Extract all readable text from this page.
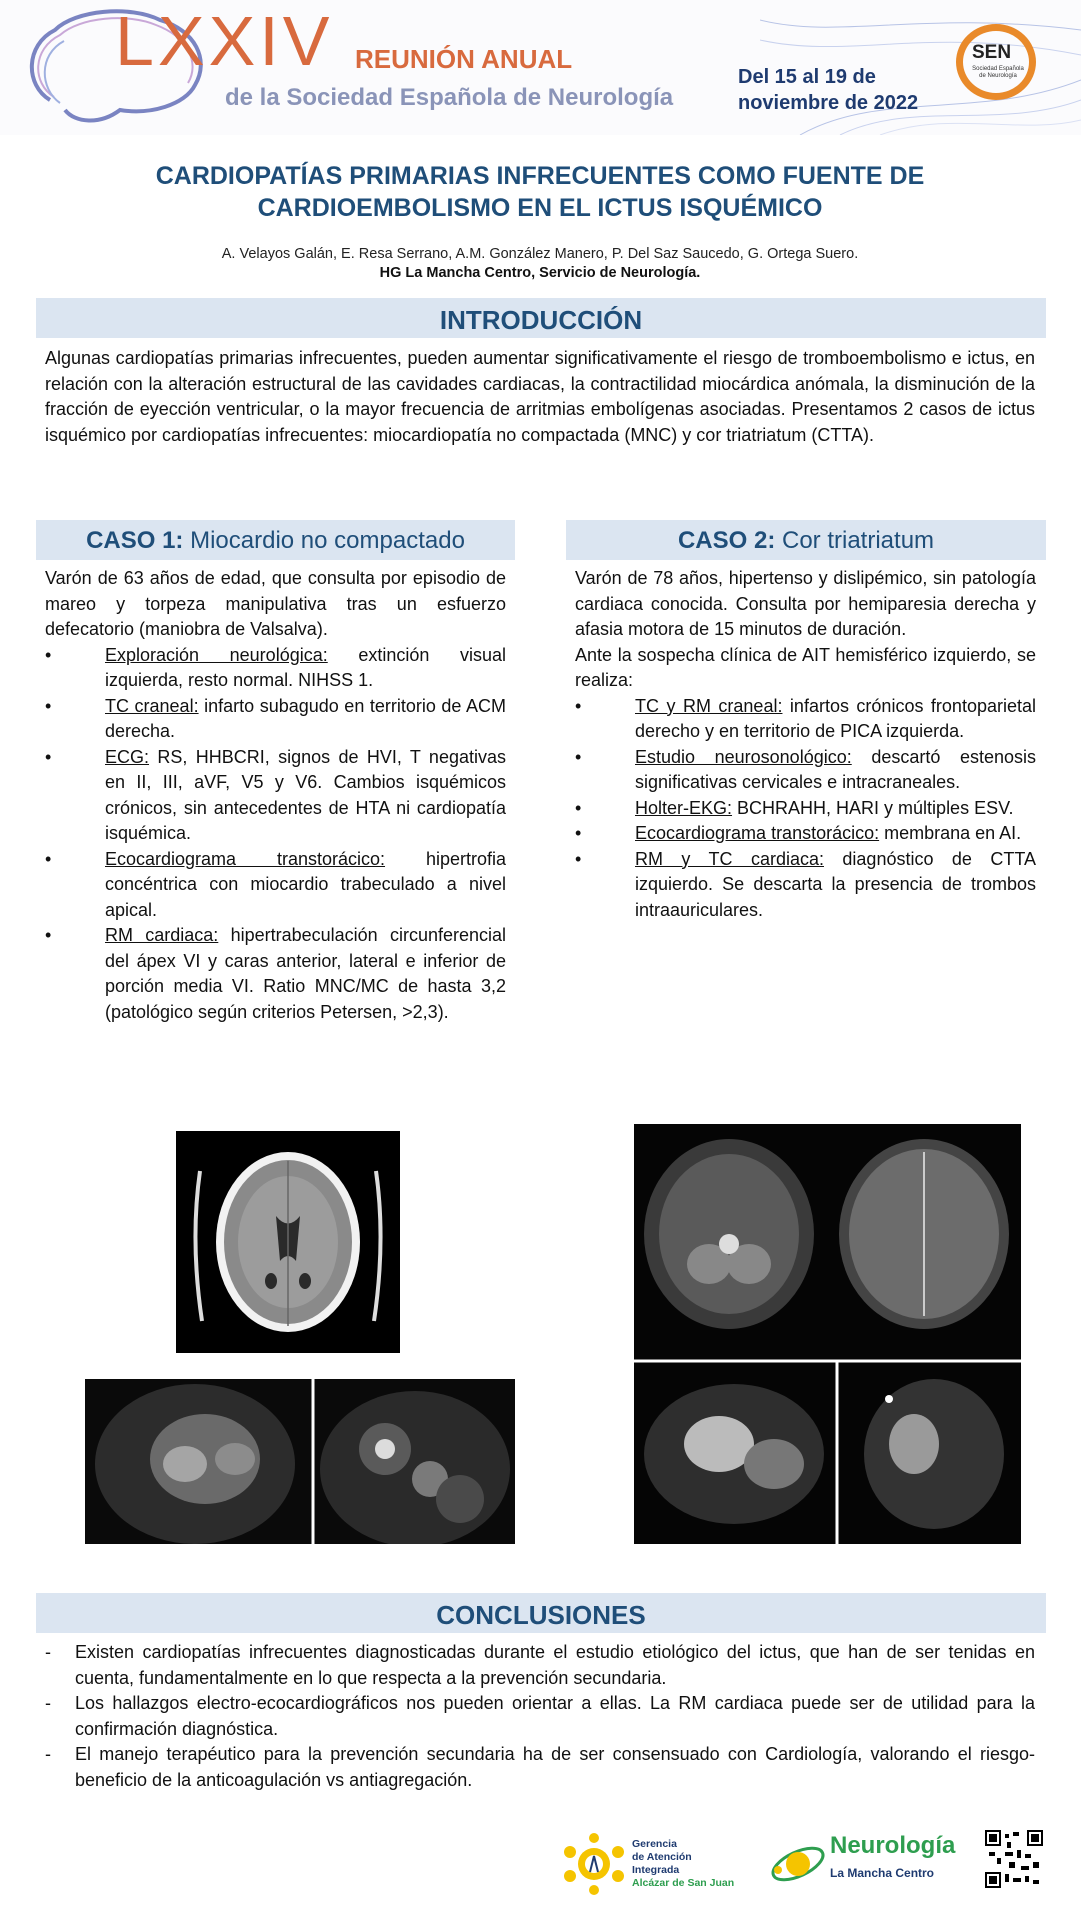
LXXIV REUNIÓN ANUAL
de la Sociedad Española de Neurología
Del 15 al 19 de
noviembre de 2022
SEN
Sociedad Española de Neurología
CARDIOPATÍAS PRIMARIAS INFRECUENTES COMO FUENTE DE
CARDIOEMBOLISMO EN EL ICTUS ISQUÉMICO
A. Velayos Galán, E. Resa Serrano, A.M. González Manero, P. Del Saz Saucedo, G. Ortega Suero.
HG La Mancha Centro, Servicio de Neurología.
INTRODUCCIÓN
Algunas cardiopatías primarias infrecuentes, pueden aumentar significativamente el riesgo de tromboembolismo e ictus, en relación con la alteración estructural de las cavidades cardiacas, la contractilidad miocárdica anómala, la disminución de la fracción de eyección ventricular, o la mayor frecuencia de arritmias embolígenas asociadas. Presentamos 2 casos de ictus isquémico por cardiopatías infrecuentes: miocardiopatía no compactada (MNC) y cor triatriatum (CTTA).
CASO 1: Miocardio no compactado
Varón de 63 años de edad, que consulta por episodio de mareo y torpeza manipulativa tras un esfuerzo defecatorio (maniobra de Valsalva).
•	Exploración neurológica: extinción visual izquierda, resto normal. NIHSS 1.
•	TC craneal: infarto subagudo en territorio de ACM derecha.
•	ECG: RS, HHBCRI, signos de HVI, T negativas en II, III, aVF, V5 y V6. Cambios isquémicos crónicos, sin antecedentes de HTA ni cardiopatía isquémica.
•	Ecocardiograma transtorácico: hipertrofia concéntrica con miocardio trabeculado a nivel apical.
•	RM cardiaca: hipertrabeculación circunferencial del ápex VI y caras anterior, lateral e inferior de porción media VI. Ratio MNC/MC de hasta 3,2 (patológico según criterios Petersen, >2,3).
CASO 2: Cor triatriatum
Varón de 78 años, hipertenso y dislipémico, sin patología cardiaca conocida. Consulta por hemiparesia derecha y afasia motora de 15 minutos de duración.
Ante la sospecha clínica de AIT hemisférico izquierdo, se realiza:
•	TC y RM craneal: infartos crónicos frontoparietal derecho y en territorio de PICA izquierda.
•	Estudio neurosonológico: descartó estenosis significativas cervicales e intracraneales.
•	Holter-EKG: BCHRAHH, HARI y múltiples ESV.
•	Ecocardiograma transtorácico: membrana en AI.
•	RM y TC cardiaca: diagnóstico de CTTA izquierdo. Se descarta la presencia de trombos intraauriculares.
CONCLUSIONES
-	Existen cardiopatías infrecuentes diagnosticadas durante el estudio etiológico del ictus, que han de ser tenidas en cuenta, fundamentalmente en lo que respecta a la prevención secundaria.
-	Los hallazgos electro-ecocardiográficos nos pueden orientar a ellas. La RM cardiaca puede ser de utilidad para la confirmación diagnóstica.
-	El manejo terapéutico para la prevención secundaria ha de ser consensuado con Cardiología, valorando el riesgo-beneficio de la anticoagulación vs antiagregación.
Gerencia
de Atención
Integrada
Alcázar de San Juan
Neurología
La Mancha Centro
